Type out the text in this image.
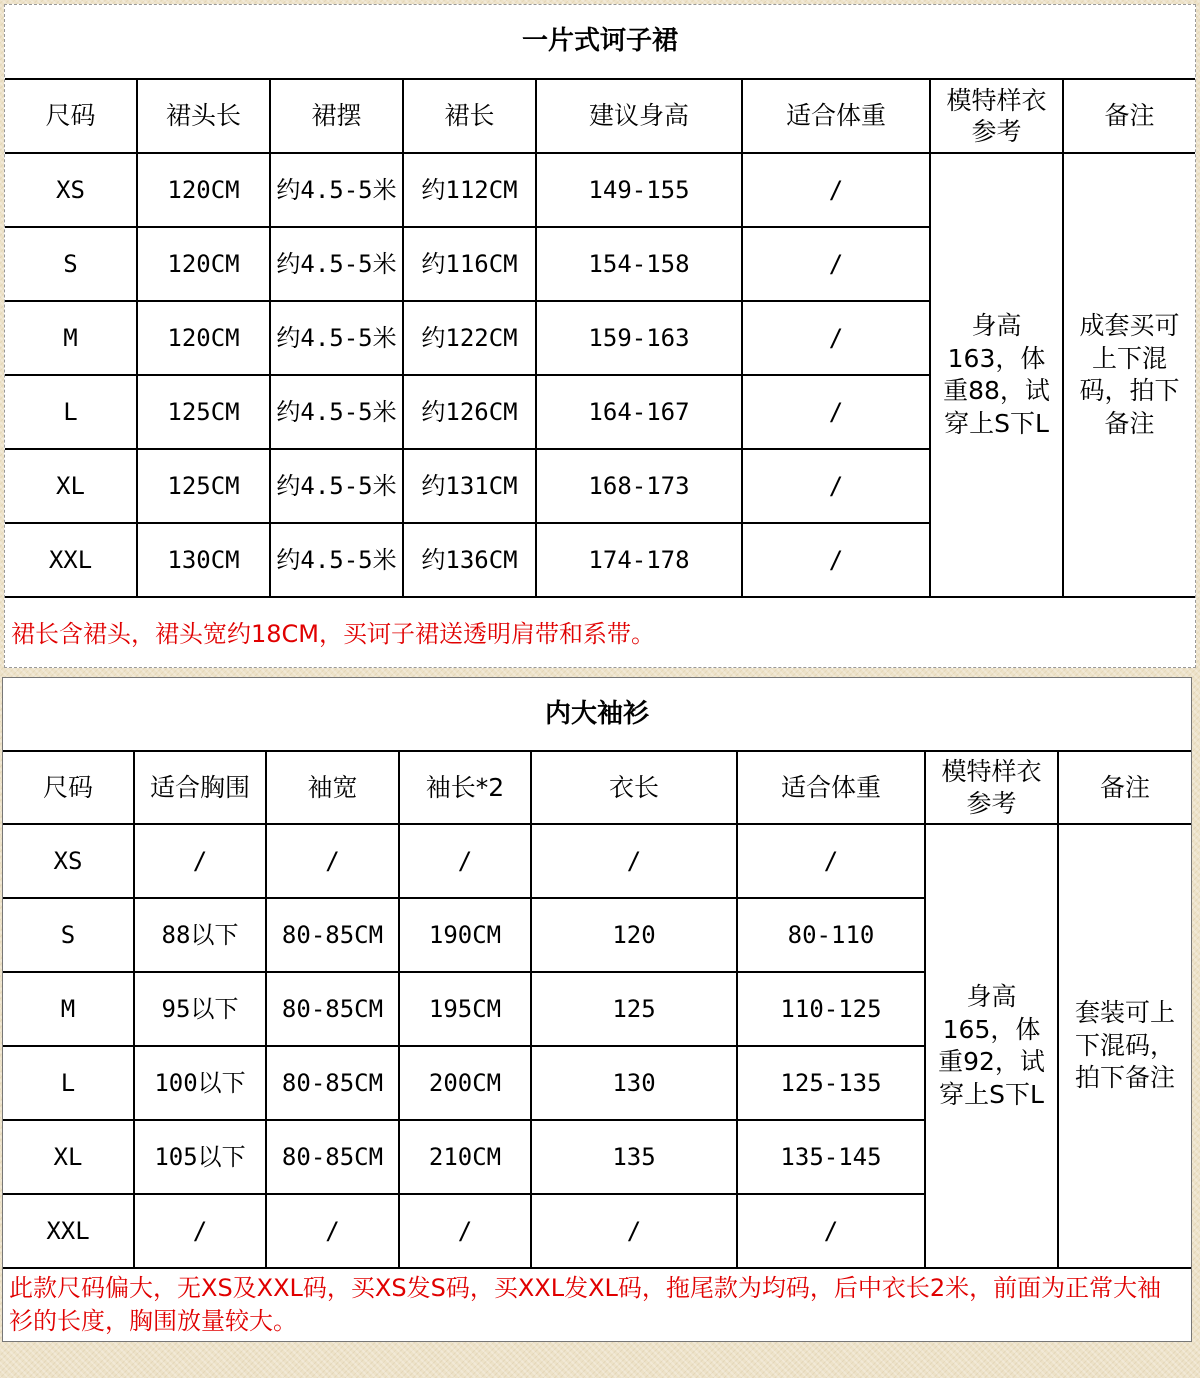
一片式诃子裙							
尺码	裙头长	裙摆	裙长	建议身高	适合体重	模特样衣参考	备注
XS	120CM	约4.5-5米	约112CM	149-155	/	身高163，体重88，试穿上S下L	成套买可上下混码，拍下备注
S	120CM	约4.5-5米	约116CM	154-158	/		
M	120CM	约4.5-5米	约122CM	159-163	/		
L	125CM	约4.5-5米	约126CM	164-167	/		
XL	125CM	约4.5-5米	约131CM	168-173	/		
XXL	130CM	约4.5-5米	约136CM	174-178	/		
裙长含裙头，裙头宽约18CM，买诃子裙送透明肩带和系带。							
内大袖衫							
尺码	适合胸围	袖宽	袖长*2	衣长	适合体重	模特样衣参考	备注
XS	/	/	/	/	/	身高165，体重92，试穿上S下L	套装可上下混码，拍下备注
S	88以下	80-85CM	190CM	120	80-110		
M	95以下	80-85CM	195CM	125	110-125		
L	100以下	80-85CM	200CM	130	125-135		
XL	105以下	80-85CM	210CM	135	135-145		
XXL	/	/	/	/	/		
此款尺码偏大，无XS及XXL码，买XS发S码，买XXL发XL码，拖尾款为均码，后中衣长2米，前面为正常大袖衫的长度，胸围放量较大。							
